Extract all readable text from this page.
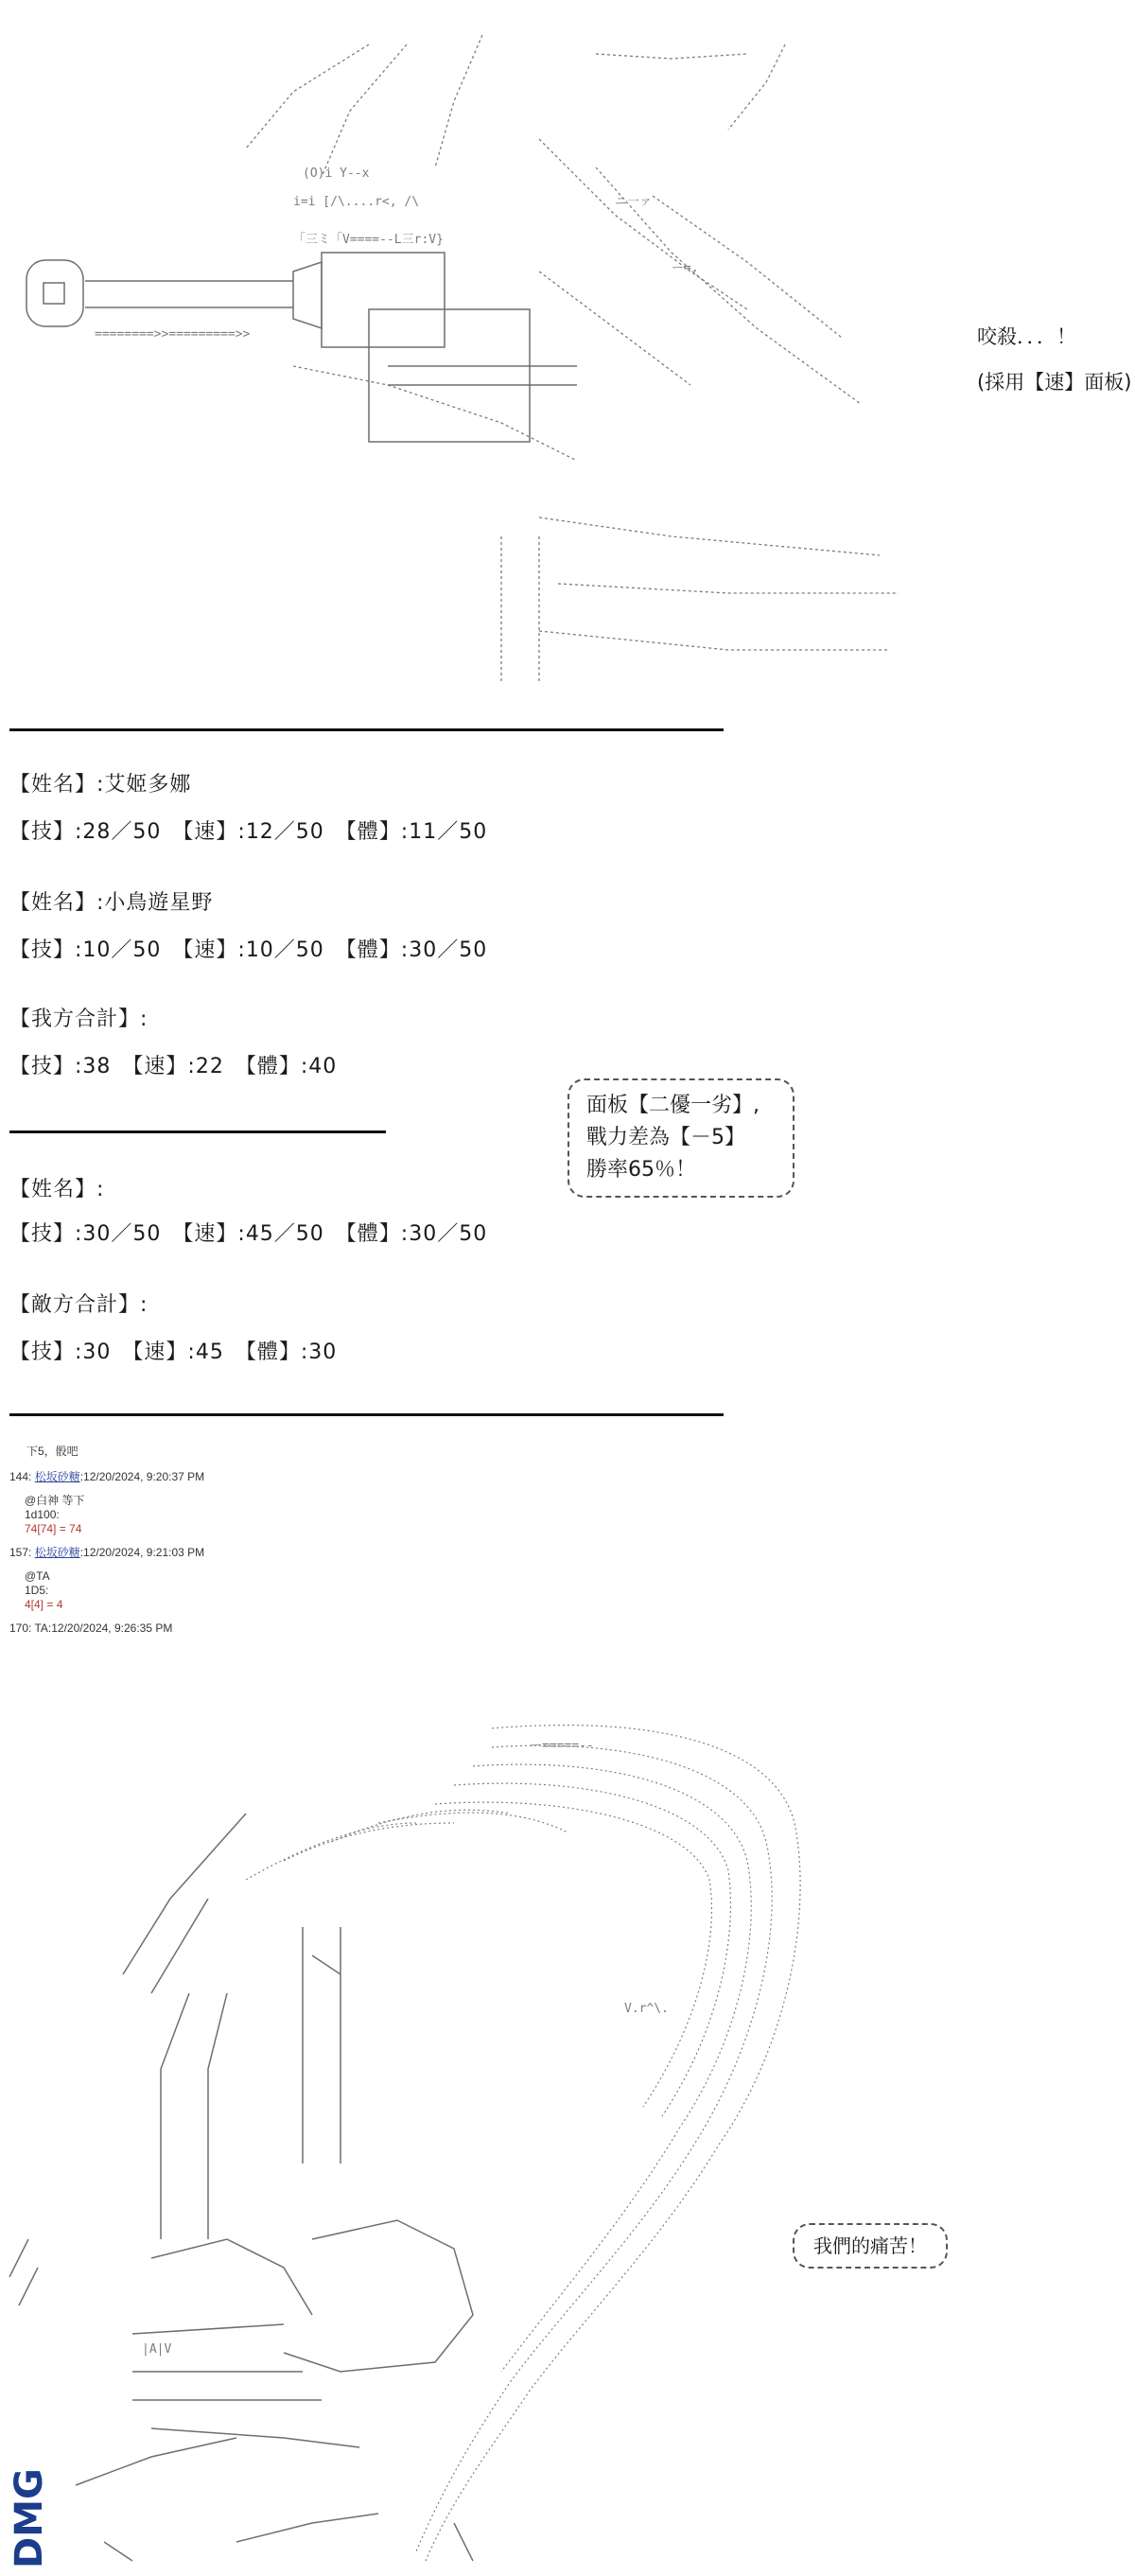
(O)i Y--x
i=i [/\....r<, /\
「三ミ「V====--L三r:V}
========>>=========>>
ニ一ァ
ー=.

咬殺．．．！
(採用【速】面板)
【姓名】:艾姬多娜
【技】:28／50　【速】:12／50　【體】:11／50
【姓名】:小鳥遊星野
【技】:10／50　【速】:10／50　【體】:30／50
【我方合計】:
【技】:38　【速】:22　【體】:40
面板【二優一劣】,
戰力差為【－5】
勝率65％！
【姓名】:
【技】:30／50　【速】:45／50　【體】:30／50
【敵方合計】:
【技】:30　【速】:45　【體】:30
下5，骰吧
144: 松坂砂糖:12/20/2024, 9:20:37 PM
@白神 等下
1d100:
74[74] = 74
157: 松坂砂糖:12/20/2024, 9:21:03 PM
@TA
1D5:
4[4] = 4
170: TA:12/20/2024, 9:26:35 PM

ー=====--
V.r^\.
|A|V

我們的痛苦！
DMG
